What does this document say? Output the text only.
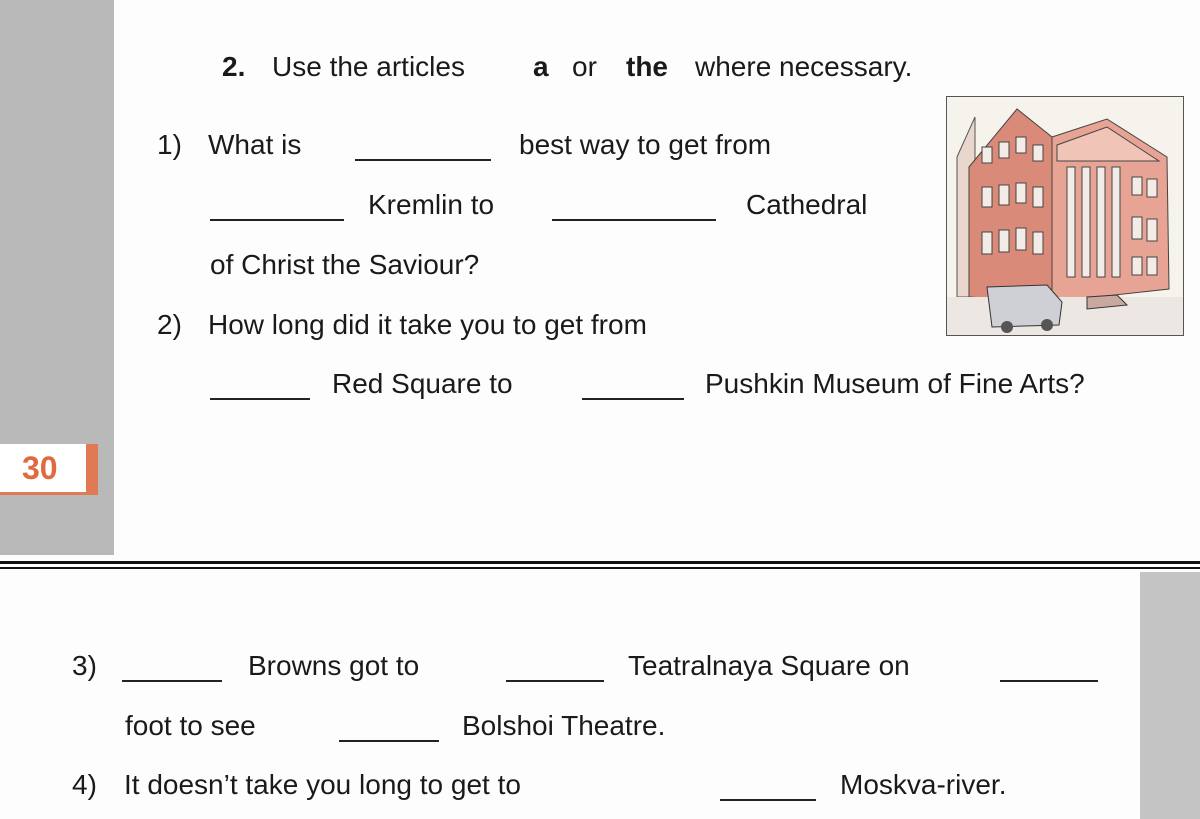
30
2. Use the articles a or the where necessary.
1) What is	best way to get from
Kremlin to	Cathedral
of Christ the Saviour?
2) How long did it take you to get from
Red Square to	Pushkin Museum of Fine Arts?
3)	Browns got to	Teatralnaya Square on
foot to see	Bolshoi Theatre.
4) It doesn’t take you long to get to	Moskva-river.
